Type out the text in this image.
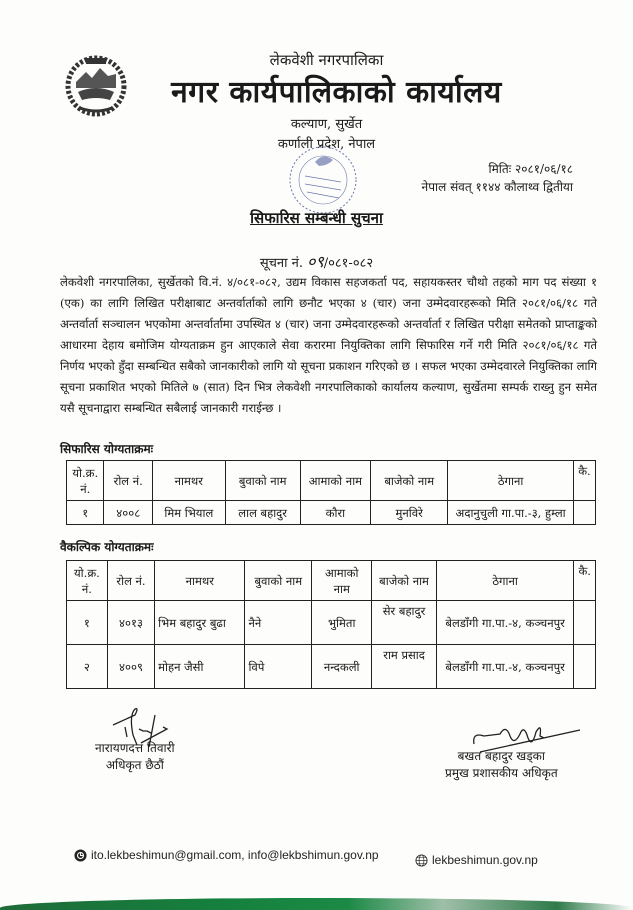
लेकवेशी नगरपालिका
नगर कार्यपालिकाको कार्यालय
कल्याण, सुर्खेत
कर्णाली प्रदेश, नेपाल
मितिः २०८१/०६/१८
नेपाल संवत् ११४४ कौलाथ्व द्वितीया
सिफारिस सम्बन्धी सुचना
सूचना नं. ०९/०८१-०८२

लेकवेशी नगरपालिका, सुर्खेतको वि.नं. ४/०८१-०८२, उद्यम विकास सहजकर्ता पद, सहायकस्तर चौथो तहको माग पद संख्या १ (एक) का लागि लिखित परीक्षाबाट अन्तर्वार्ताको लागि छनौट भएका ४ (चार) जना उम्मेदवारहरूको मिति २०८१/०६/१८ गते अन्तर्वार्ता सञ्चालन भएकोमा अन्तर्वार्तामा उपस्थित ४ (चार) जना उम्मेदवारहरूको अन्तर्वार्ता र लिखित परीक्षा समेतको प्राप्ताङ्कको आधारमा देहाय बमोजिम योग्यताक्रम हुन आएकाले सेवा करारमा नियुक्तिका लागि सिफारिस गर्ने गरी मिति २०८१/०६/१८ गते निर्णय भएको हुँदा सम्बन्धित सबैको जानकारीको लागि यो सूचना प्रकाशन गरिएको छ । सफल भएका उम्मेदवारले नियुक्तिका लागि सूचना प्रकाशित भएको मितिले ७ (सात) दिन भित्र लेकवेशी नगरपालिकाको कार्यालय कल्याण, सुर्खेतमा सम्पर्क राख्नु हुन समेत यसै सूचनाद्वारा सम्बन्धित सबैलाई जानकारी गराईन्छ ।

सिफारिस योग्यताक्रमः
यो.क्र. नं.	रोल नं.	नामथर	बुवाको नाम	आमाको नाम	बाजेको नाम	ठेगाना	कै.
१	४००८	मिम भियाल	लाल बहादुर	कौरा	मुनविरे	अदानुचुली गा.पा.-३, हुम्ला	
वैकल्पिक योग्यताक्रमः
यो.क्र. नं.	रोल नं.	नामथर	बुवाको नाम	आमाको नाम	बाजेको नाम	ठेगाना	कै.
१	४०१३	भिम बहादुर बुढा	नैने	भुमिता	सेर बहादुर	बेलडाँगी गा.पा.-४, कञ्चनपुर	
२	४००९	मोहन जैसी	विपे	नन्दकली	राम प्रसाद	बेलडाँगी गा.पा.-४, कञ्चनपुर	
नारायणदत्त तिवारी
अधिकृत छैठौं
बखत बहादुर खड्का
प्रमुख प्रशासकीय अधिकृत
ito.lekbeshimun@gmail.com, info@lekbshimun.gov.np	lekbeshimun.gov.np
